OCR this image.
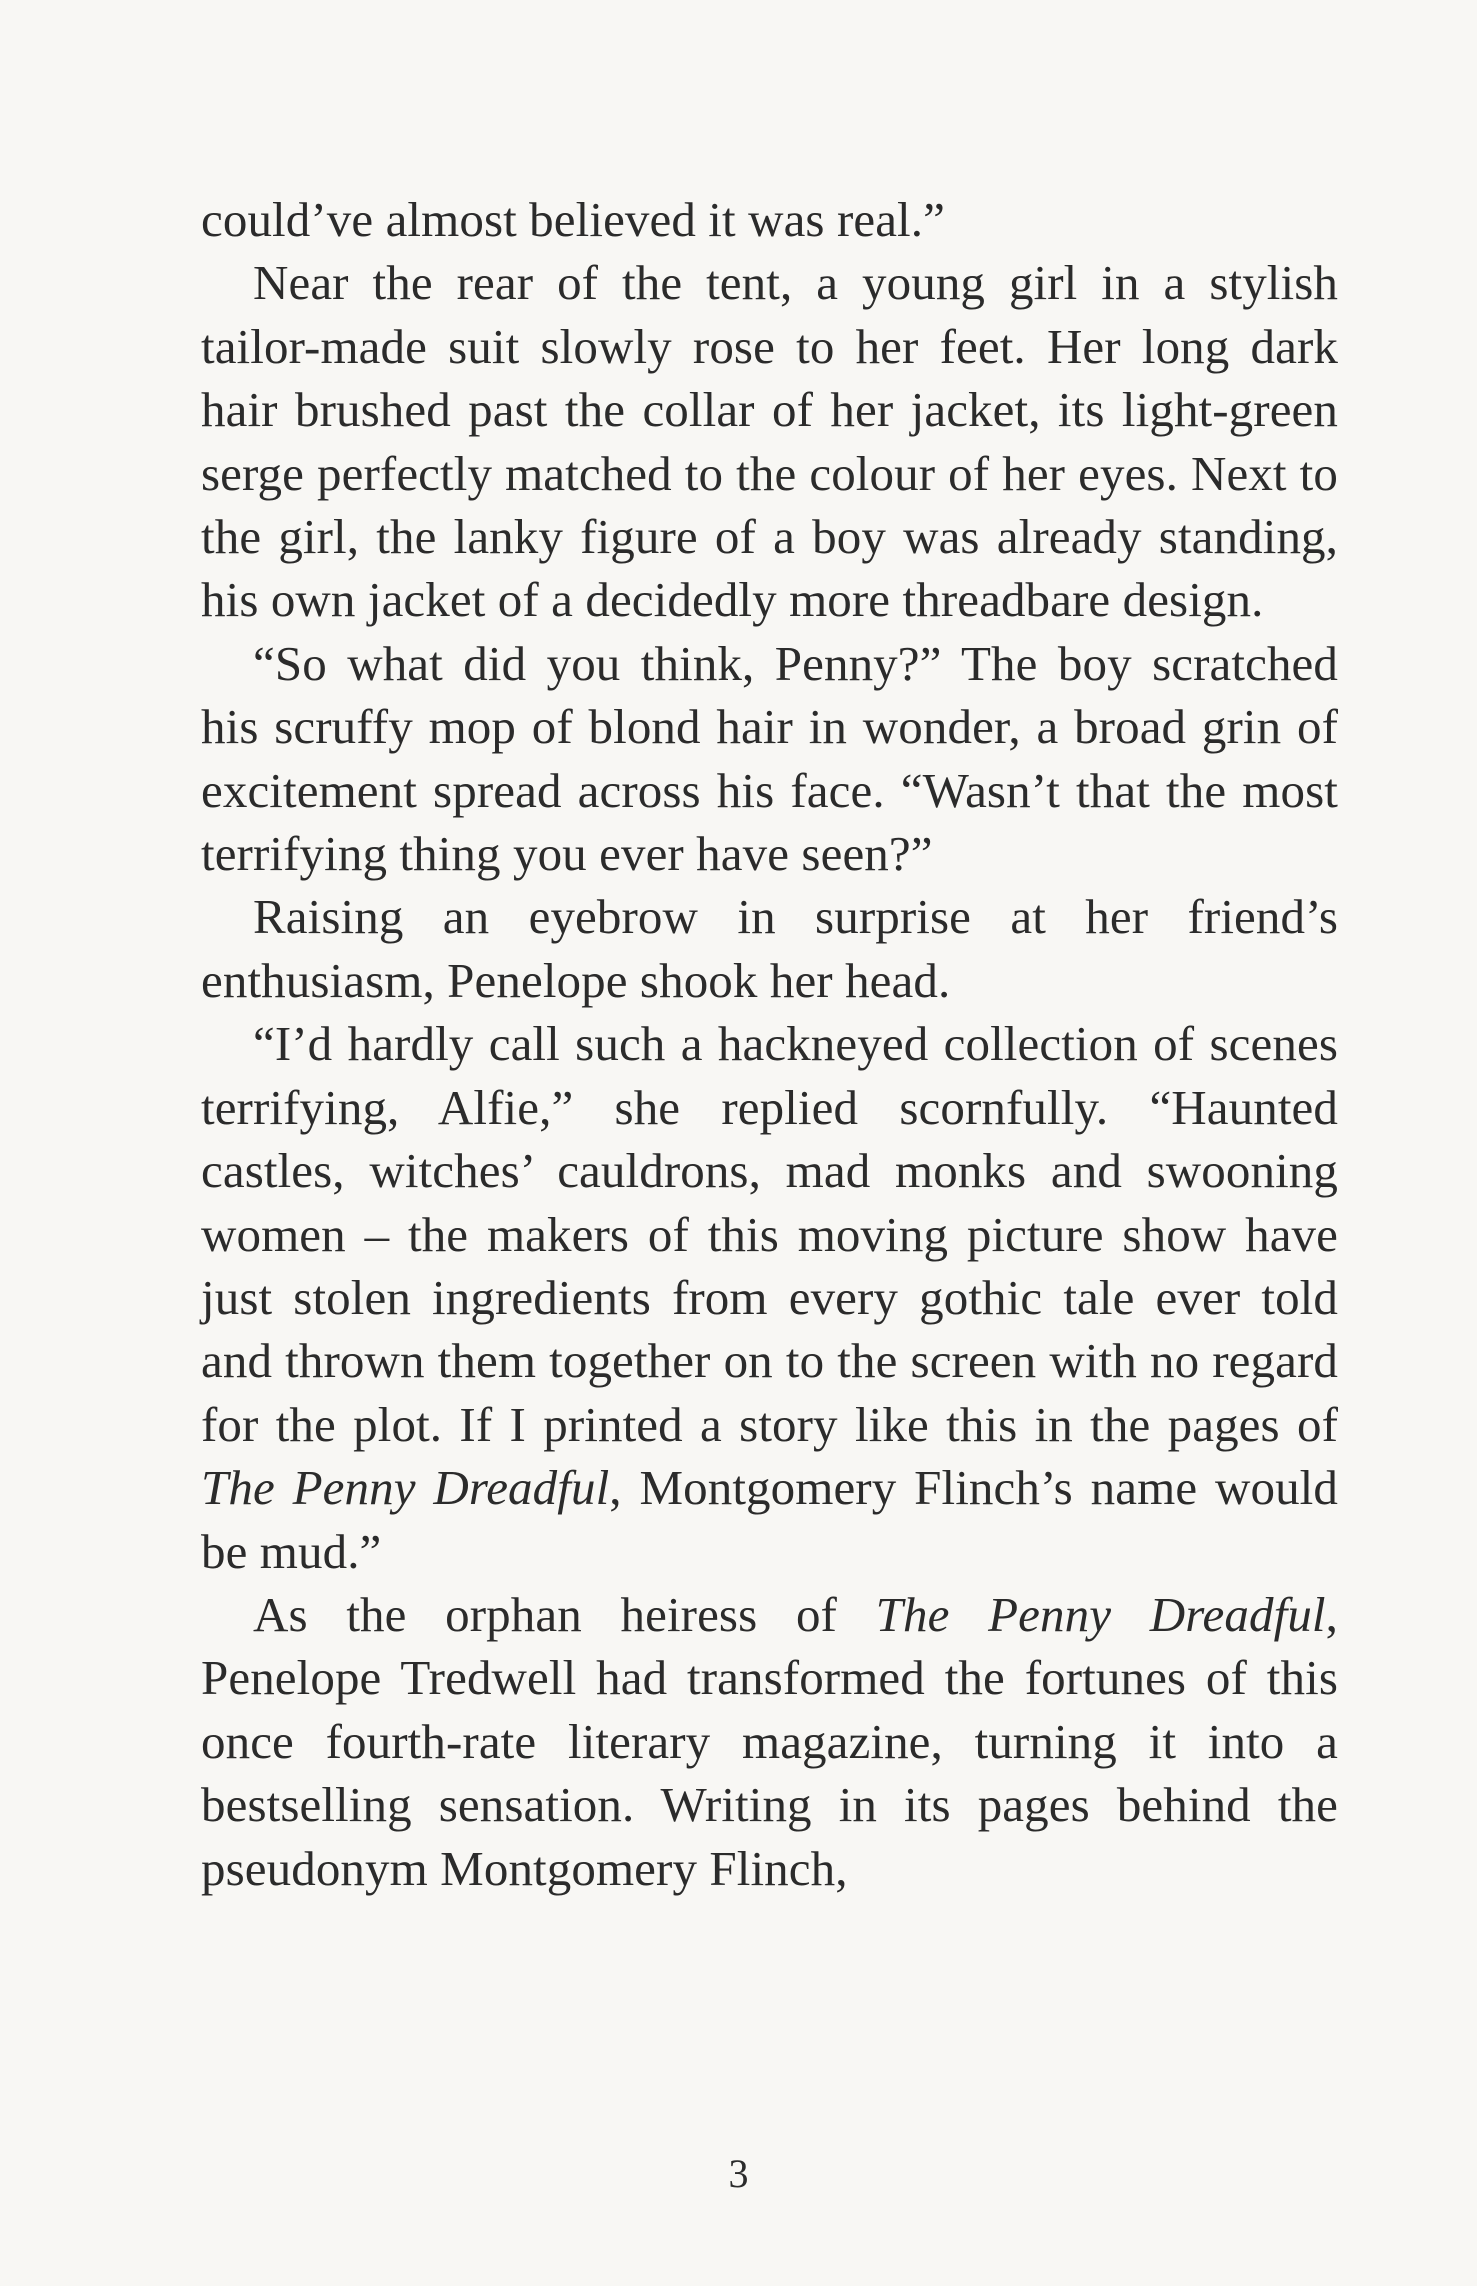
could’ve almost believed it was real.”

Near the rear of the tent, a young girl in a stylish tailor-made suit slowly rose to her feet. Her long dark hair brushed past the collar of her jacket, its light-green serge perfectly matched to the colour of her eyes. Next to the girl, the lanky figure of a boy was already standing, his own jacket of a decidedly more threadbare design.

“So what did you think, Penny?” The boy scratched his scruffy mop of blond hair in wonder, a broad grin of excitement spread across his face. “Wasn’t that the most terrifying thing you ever have seen?”

Raising an eyebrow in surprise at her friend’s enthusiasm, Penelope shook her head.

“I’d hardly call such a hackneyed collection of scenes terrifying, Alfie,” she replied scornfully. “Haunted castles, witches’ cauldrons, mad monks and swooning women – the makers of this moving picture show have just stolen ingredients from every gothic tale ever told and thrown them together on to the screen with no regard for the plot. If I printed a story like this in the pages of The Penny Dreadful, Montgomery Flinch’s name would be mud.”

As the orphan heiress of The Penny Dreadful, Penelope Tredwell had transformed the fortunes of this once fourth-rate literary magazine, turning it into a bestselling sensation. Writing in its pages behind the pseudonym Montgomery Flinch,

3
